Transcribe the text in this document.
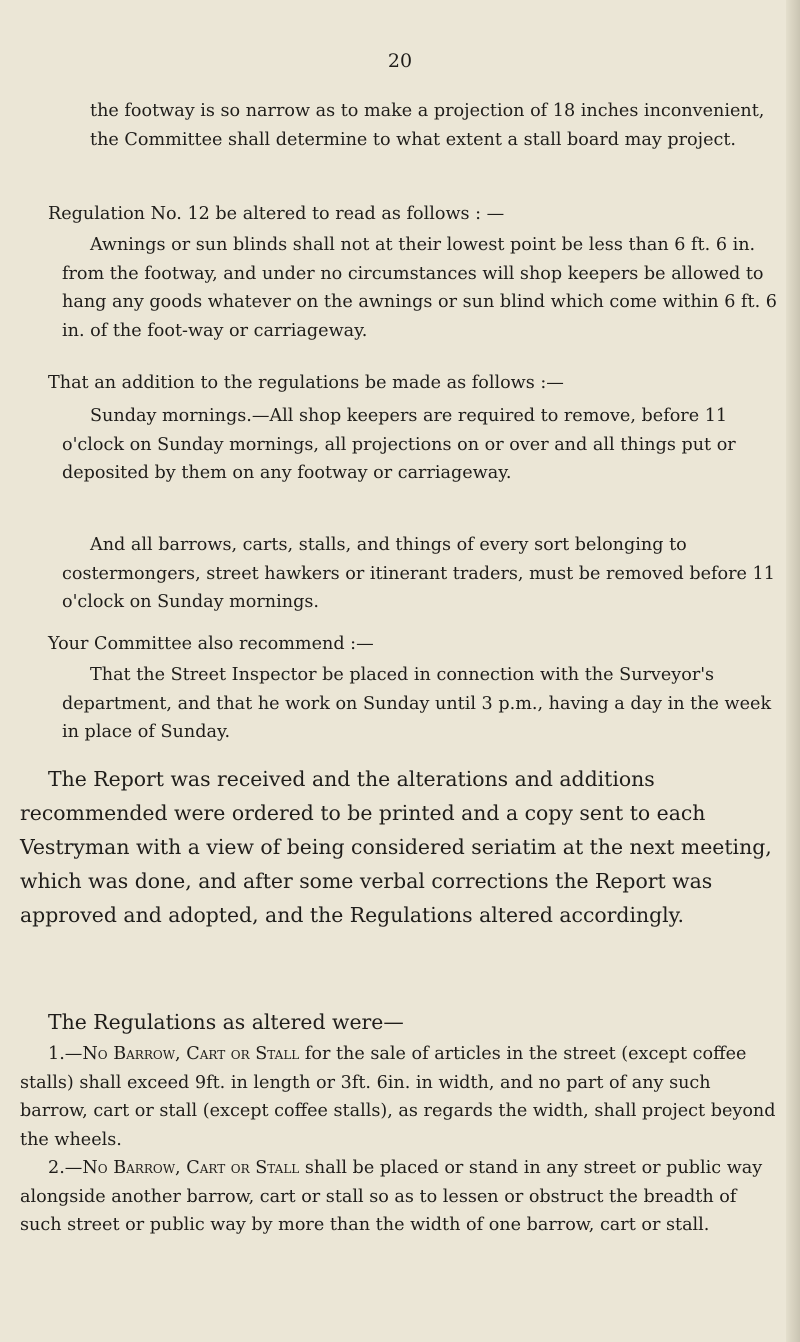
20

the footway is so narrow as to make a projection of 18 inches inconvenient, the Committee shall determine to what extent a stall board may project.

Regulation No. 12 be altered to read as follows : —

Awnings or sun blinds shall not at their lowest point be less than 6 ft. 6 in. from the footway, and under no circumstances will shop keepers be allowed to hang any goods whatever on the awnings or sun blind which come within 6 ft. 6 in. of the foot-way or carriageway.

That an addition to the regulations be made as follows :—

Sunday mornings.—All shop keepers are required to remove, before 11 o'clock on Sunday mornings, all projections on or over and all things put or deposited by them on any footway or carriageway.

And all barrows, carts, stalls, and things of every sort belonging to costermongers, street hawkers or itinerant traders, must be removed before 11 o'clock on Sunday mornings.

Your Committee also recommend :—

That the Street Inspector be placed in connection with the Surveyor's department, and that he work on Sunday until 3 p.m., having a day in the week in place of Sunday.

The Report was received and the alterations and additions recommended were ordered to be printed and a copy sent to each Vestryman with a view of being considered seriatim at the next meeting, which was done, and after some verbal corrections the Report was approved and adopted, and the Regulations altered accordingly.

The Regulations as altered were—

1.—No Barrow, Cart or Stall for the sale of articles in the street (except coffee stalls) shall exceed 9ft. in length or 3ft. 6in. in width, and no part of any such barrow, cart or stall (except coffee stalls), as regards the width, shall project beyond the wheels.

2.—No Barrow, Cart or Stall shall be placed or stand in any street or public way alongside another barrow, cart or stall so as to lessen or obstruct the breadth of such street or public way by more than the width of one barrow, cart or stall.
